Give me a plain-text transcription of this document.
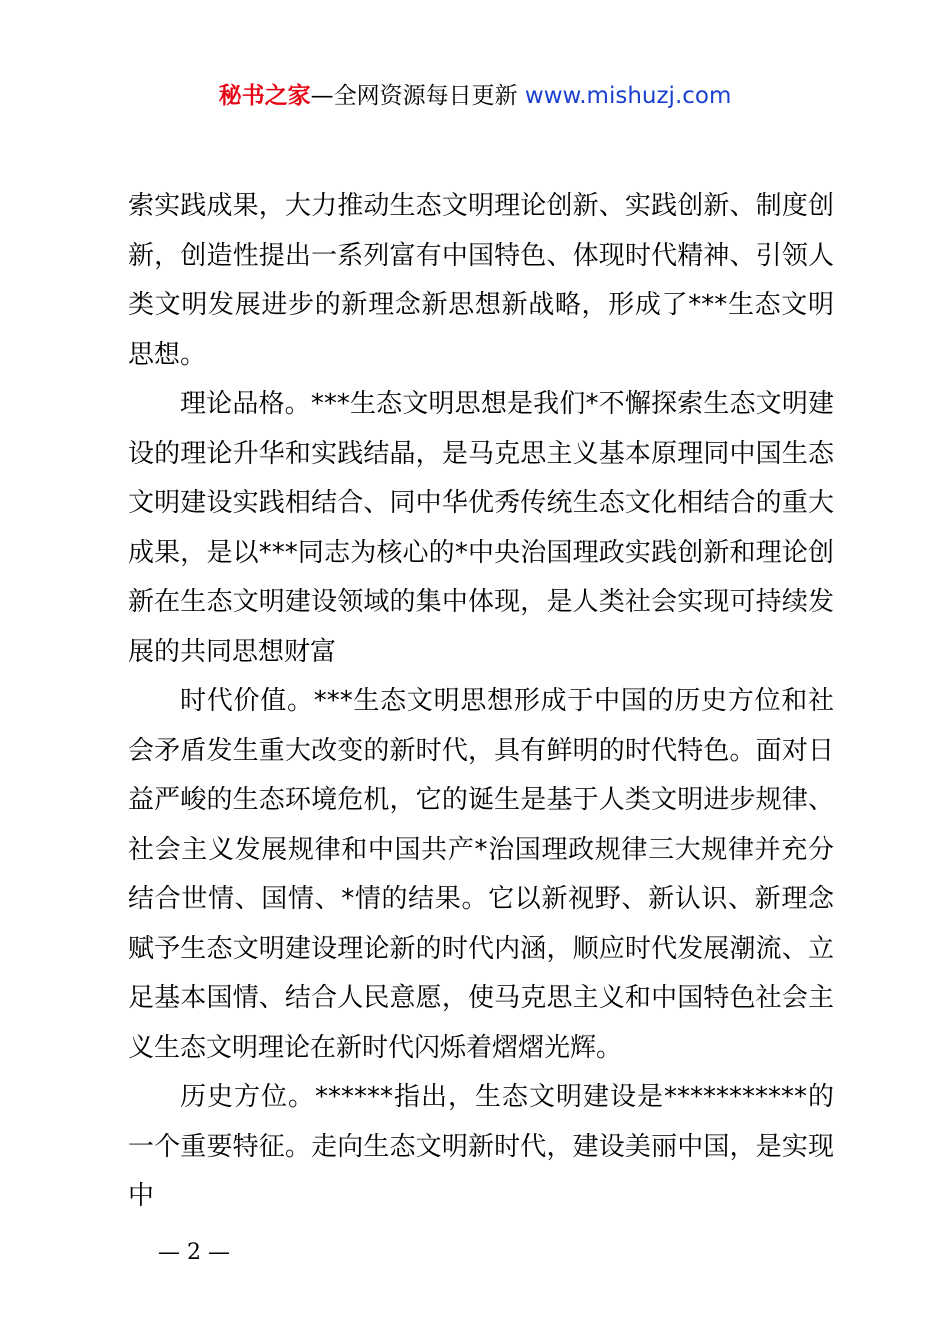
秘书之家—全网资源每日更新 www.mishuzj.com

索实践成果，大力推动生态文明理论创新、实践创新、制度创新，创造性提出一系列富有中国特色、体现时代精神、引领人类文明发展进步的新理念新思想新战略，形成了***生态文明思想。

理论品格。***生态文明思想是我们*不懈探索生态文明建设的理论升华和实践结晶，是马克思主义基本原理同中国生态文明建设实践相结合、同中华优秀传统生态文化相结合的重大成果，是以***同志为核心的*中央治国理政实践创新和理论创新在生态文明建设领域的集中体现，是人类社会实现可持续发展的共同思想财富

时代价值。***生态文明思想形成于中国的历史方位和社会矛盾发生重大改变的新时代，具有鲜明的时代特色。面对日益严峻的生态环境危机，它的诞生是基于人类文明进步规律、社会主义发展规律和中国共产*治国理政规律三大规律并充分结合世情、国情、*情的结果。它以新视野、新认识、新理念赋予生态文明建设理论新的时代内涵，顺应时代发展潮流、立足基本国情、结合人民意愿，使马克思主义和中国特色社会主义生态文明理论在新时代闪烁着熠熠光辉。

历史方位。******指出，生态文明建设是***********的一个重要特征。走向生态文明新时代，建设美丽中国，是实现中

— 2 —
